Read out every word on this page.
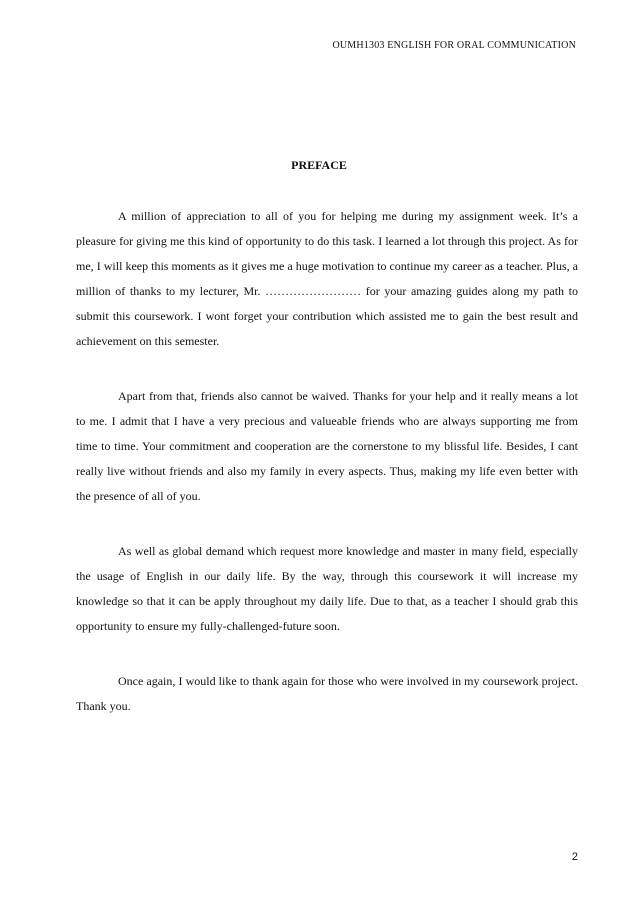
OUMH1303 ENGLISH FOR ORAL COMMUNICATION
PREFACE

A million of appreciation to all of you for helping me during my assignment week. It’s a pleasure for giving me this kind of opportunity to do this task. I learned a lot through this project. As for me, I will keep this moments as it gives me a huge motivation to continue my career as a teacher. Plus, a million of thanks to my lecturer, Mr. …………………… for your amazing guides along my path to submit this coursework. I wont forget your contribution which assisted me to gain the best result and achievement on this semester.

Apart from that, friends also cannot be waived. Thanks for your help and it really means a lot to me. I admit that I have a very precious and valueable friends who are always supporting me from time to time. Your commitment and cooperation are the cornerstone to my blissful life. Besides, I cant really live without friends and also my family in every aspects. Thus, making my life even better with the presence of all of you.

As well as global demand which request more knowledge and master in many field, especially the usage of English in our daily life. By the way, through this coursework it will increase my knowledge so that it can be apply throughout my daily life. Due to that, as a teacher I should grab this opportunity to ensure my fully-challenged-future soon.

Once again, I would like to thank again for those who were involved in my coursework project. Thank you.

2
